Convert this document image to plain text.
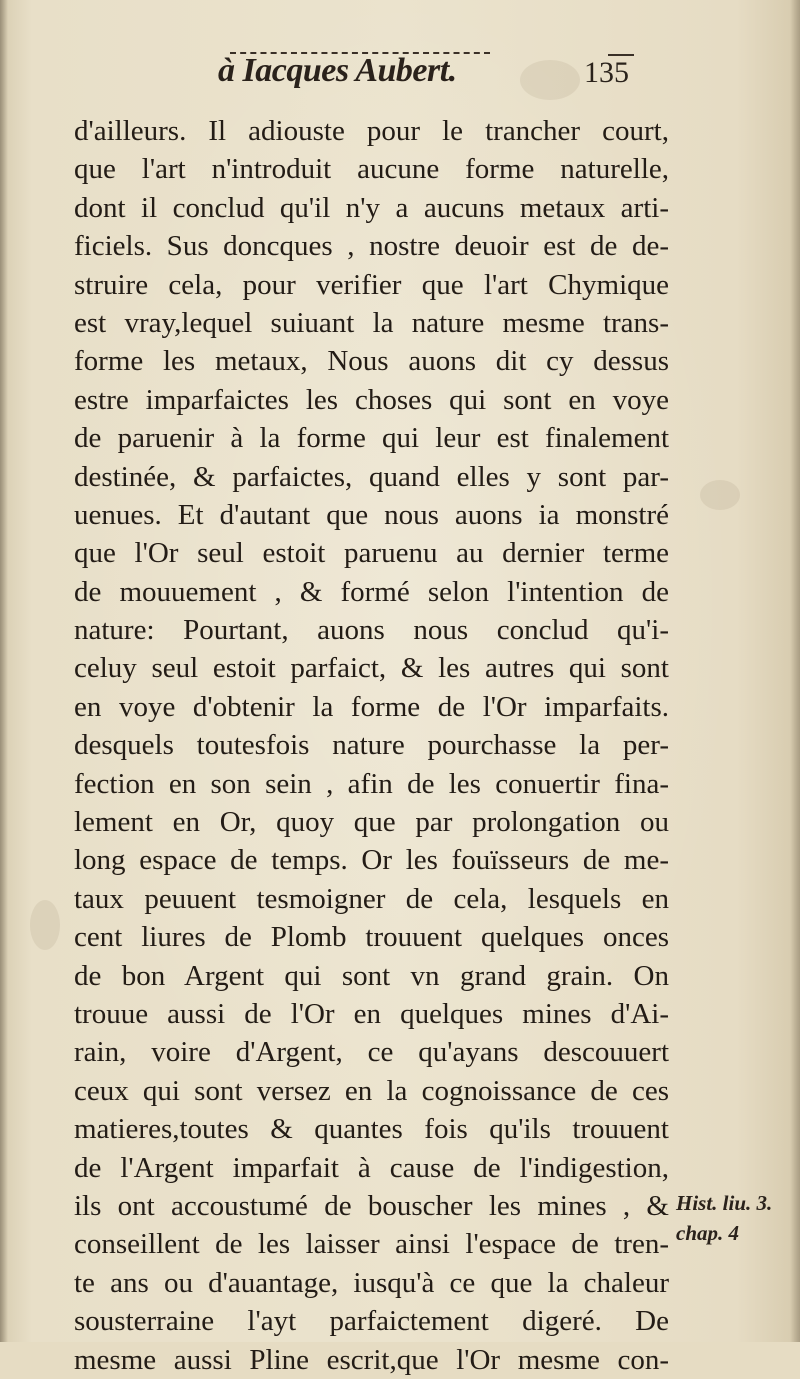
à Iacques Aubert.	135
d'ailleurs. Il adiouste pour le trancher court,
que l'art n'introduit aucune forme naturelle,
dont il conclud qu'il n'y a aucuns metaux arti-
ficiels. Sus doncques , nostre deuoir est de de-
struire cela, pour verifier que l'art Chymique
est vray,lequel suiuant la nature mesme trans-
forme les metaux, Nous auons dit cy dessus
estre imparfaictes les choses qui sont en voye
de paruenir à la forme qui leur est finalement
destinée, & parfaictes, quand elles y sont par-
uenues. Et d'autant que nous auons ia monstré
que l'Or seul estoit paruenu au dernier terme
de mouuement , & formé selon l'intention de
nature: Pourtant, auons nous conclud qu'i-
celuy seul estoit parfaict, & les autres qui sont
en voye d'obtenir la forme de l'Or imparfaits.
desquels toutesfois nature pourchasse la per-
fection en son sein , afin de les conuertir fina-
lement en Or, quoy que par prolongation ou
long espace de temps. Or les fouïsseurs de me-
taux peuuent tesmoigner de cela, lesquels en
cent liures de Plomb trouuent quelques onces
de bon Argent qui sont vn grand grain. On
trouue aussi de l'Or en quelques mines d'Ai-
rain, voire d'Argent, ce qu'ayans descouuert
ceux qui sont versez en la cognoissance de ces
matieres,toutes & quantes fois qu'ils trouuent
de l'Argent imparfait à cause de l'indigestion,
ils ont accoustumé de bouscher les mines , &
conseillent de les laisser ainsi l'espace de tren-
te ans ou d'auantage, iusqu'à ce que la chaleur
sousterraine l'ayt parfaictement digeré. De
mesme aussi Pline escrit,que l'Or mesme con-
Hist. liu. 3.
chap. 4
